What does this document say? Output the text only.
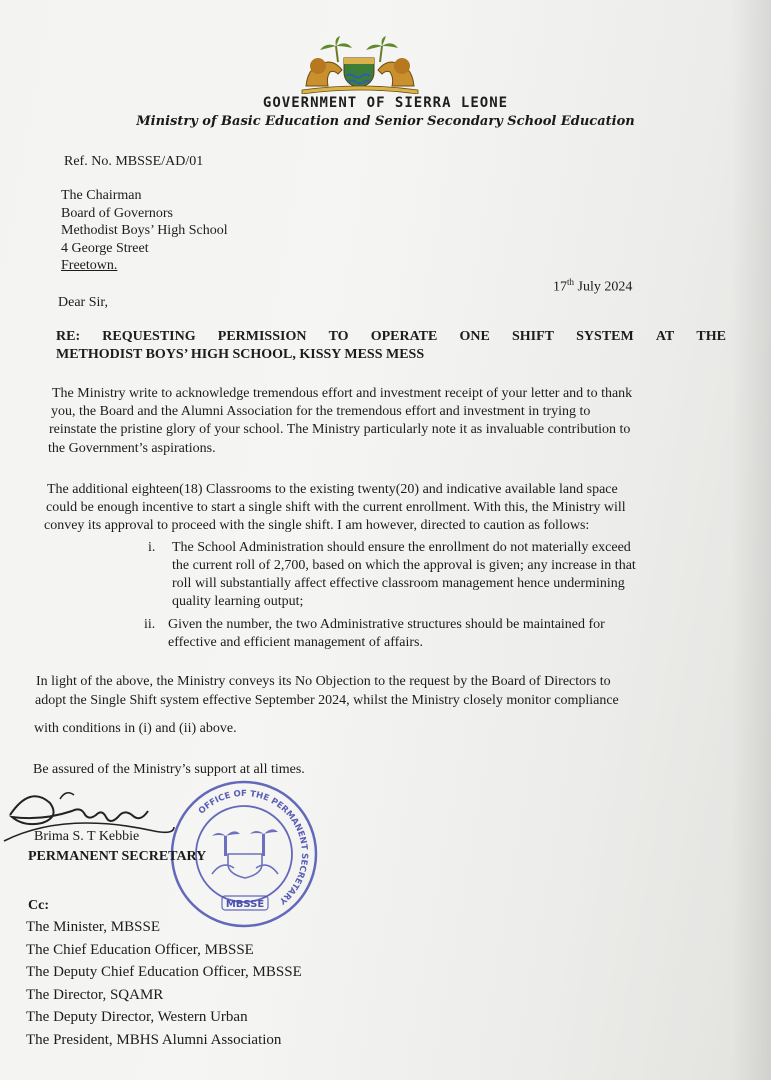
GOVERNMENT OF SIERRA LEONE
Ministry of Basic Education and Senior Secondary School Education
Ref. No. MBSSE/AD/01
The Chairman
Board of Governors
Methodist Boys’ High School
4 George Street
Freetown.
17th July 2024
Dear Sir,
RE: REQUESTING PERMISSION TO OPERATE ONE SHIFT SYSTEM AT THE
METHODIST BOYS’ HIGH SCHOOL, KISSY MESS MESS
The Ministry write to acknowledge tremendous effort and investment receipt of your letter and to thank
you, the Board and the Alumni Association for the tremendous effort and investment in trying to
reinstate the pristine glory of your school. The Ministry particularly note it as invaluable contribution to
the Government’s aspirations.
The additional eighteen(18) Classrooms to the existing twenty(20) and indicative available land space
could be enough incentive to start a single shift with the current enrollment. With this, the Ministry will
convey its approval to proceed with the single shift. I am however, directed to caution as follows:
i. The School Administration should ensure the enrollment do not materially exceed
the current roll of 2,700, based on which the approval is given; any increase in that
roll will substantially affect effective classroom management hence undermining
quality learning output;
ii. Given the number, the two Administrative structures should be maintained for
effective and efficient management of affairs.
In light of the above, the Ministry conveys its No Objection to the request by the Board of Directors to
adopt the Single Shift system effective September 2024, whilst the Ministry closely monitor compliance
with conditions in (i) and (ii) above.
Be assured of the Ministry’s support at all times.
OFFICE OF THE PERMANENT SECRETARY
MBSSE
Brima S. T Kebbie
PERMANENT SECRETARY
Cc:
The Minister, MBSSE
The Chief Education Officer, MBSSE
The Deputy Chief Education Officer, MBSSE
The Director, SQAMR
The Deputy Director, Western Urban
The President, MBHS Alumni Association
